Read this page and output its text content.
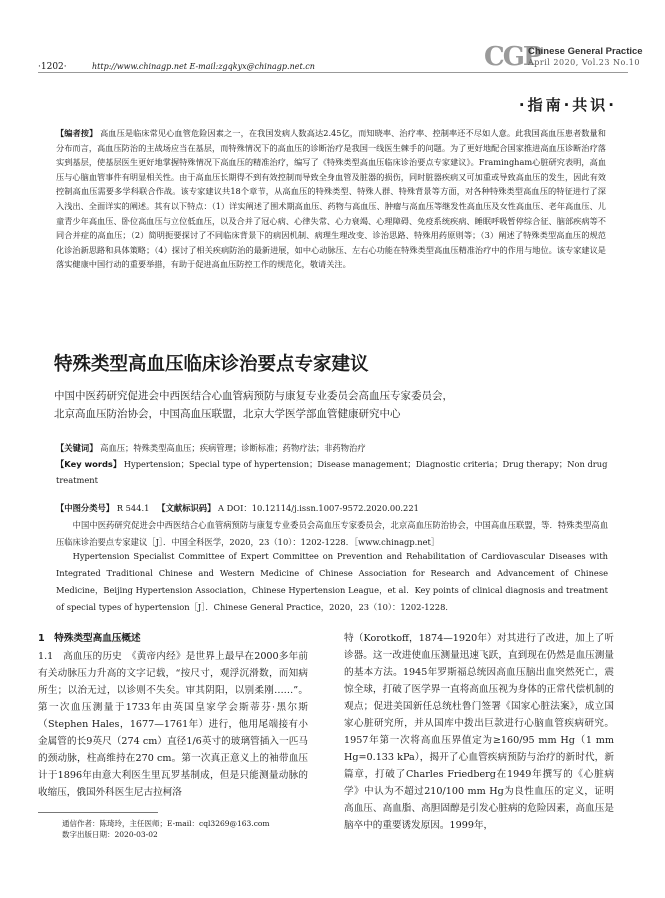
·1202·	http://www.chinagp.net E-mail:zgqkyx@chinagp.net.cn	CGP
Chinese General Practice
April 2020, Vol.23 No.10
·指南·共识·
【编者按】 高血压是临床常见心血管危险因素之一，在我国发病人数高达2.45亿，而知晓率、治疗率、控制率还不尽如人意。此我国高血压患者数量和分布而言，高血压防治的主战场应当在基层，而特殊情况下的高血压的诊断治疗是我国一线医生棘手的问题。为了更好地配合国家推进高血压诊断治疗落实到基层，使基层医生更好地掌握特殊情况下高血压的精准治疗，编写了《特殊类型高血压临床诊治要点专家建议》。Framingham心脏研究表明，高血压与心脑血管事件有明显相关性。由于高血压长期得不到有效控制而导致全身血管及脏器的损伤，同时脏器疾病又可加重或导致高血压的发生，因此有效控制高血压需要多学科联合作战。该专家建议共18个章节，从高血压的特殊类型、特殊人群、特殊背景等方面，对各种特殊类型高血压的特征进行了深入浅出、全面详实的阐述。其有以下特点：（1）详实阐述了围术期高血压、药物与高血压、肿瘤与高血压等继发性高血压及女性高血压、老年高血压、儿童青少年高血压、卧位高血压与立位低血压，以及合并了冠心病、心律失常、心力衰竭、心理障碍、免疫系统疾病、睡眠呼吸暂停综合征、脑部疾病等不同合并症的高血压；（2）简明扼要探讨了不同临床背景下的病因机制、病理生理改变、诊治思路、特殊用药原则等；（3）阐述了特殊类型高血压的规范化诊治新思路和具体策略；（4）探讨了相关疾病防治的最新进展，如中心动脉压、左右心功能在特殊类型高血压精准治疗中的作用与地位。该专家建议是落实健康中国行动的重要举措，有助于促进高血压防控工作的规范化，敬请关注。
特殊类型高血压临床诊治要点专家建议
中国中医药研究促进会中西医结合心血管病预防与康复专业委员会高血压专家委员会，
北京高血压防治协会，中国高血压联盟，北京大学医学部血管健康研究中心
【关键词】 高血压；特殊类型高血压；疾病管理；诊断标准；药物疗法；非药物治疗
【Key words】 Hypertension；Special type of hypertension；Disease management；Diagnostic criteria；Drug therapy；Non drug treatment
【中图分类号】 R 544.1 【文献标识码】 A DOI：10.12114/j.issn.1007-9572.2020.00.221
中国中医药研究促进会中西医结合心血管病预防与康复专业委员会高血压专家委员会，北京高血压防治协会，中国高血压联盟，等．特殊类型高血压临床诊治要点专家建议［J］．中国全科医学，2020，23（10）：1202-1228．［www.chinagp.net］
Hypertension Specialist Committee of Expert Committee on Prevention and Rehabilitation of Cardiovascular Diseases with Integrated Traditional Chinese and Western Medicine of Chinese Association for Research and Advancement of Chinese Medicine，Beijing Hypertension Association，Chinese Hypertension League，et al．Key points of clinical diagnosis and treatment of special types of hypertension［J］．Chinese General Practice，2020，23（10）：1202-1228．
1　特殊类型高血压概述
1.1　高血压的历史　《黄帝内经》是世界上最早在2000多年前有关动脉压力升高的文字记载，“按尺寸，观浮沉滑数，而知病所生；以治无过，以诊则不失矣。审其阴阳，以别柔刚……”。第一次血压测量于1733年由英国皇家学会斯蒂芬·黑尔斯（Stephen Hales，1677—1761年）进行，他用尾端接有小金属管的长9英尺（274 cm）直径1/6英寸的玻璃管插入一匹马的颈动脉，柱高维持在270 cm。第一次真正意义上的袖带血压计于1896年由意大利医生里瓦罗基制成，但是只能测量动脉的收缩压，俄国外科医生尼古拉柯洛
特（Korotkoff，1874—1920年）对其进行了改进，加上了听诊器。这一改进使血压测量迅速飞跃，直到现在仍然是血压测量的基本方法。1945年罗斯福总统因高血压脑出血突然死亡，震惊全球，打破了医学界一直将高血压视为身体的正常代偿机制的观点；促进美国新任总统杜鲁门签署《国家心脏法案》，成立国家心脏研究所，并从国库中拨出巨款进行心脑血管疾病研究。1957年第一次将高血压界值定为≥160/95 mm Hg（1 mm Hg=0.133 kPa），揭开了心血管疾病预防与治疗的新时代，新篇章，打破了Charles Friedberg在1949年撰写的《心脏病学》中认为不超过210/100 mm Hg为良性血压的定义，证明高血压、高血脂、高胆固醇是引发心脏病的危险因素，高血压是脑卒中的重要诱发原因。1999年，
通信作者：陈琦玲，主任医师；E-mail：cql3269@163.com
数字出版日期：2020-03-02
